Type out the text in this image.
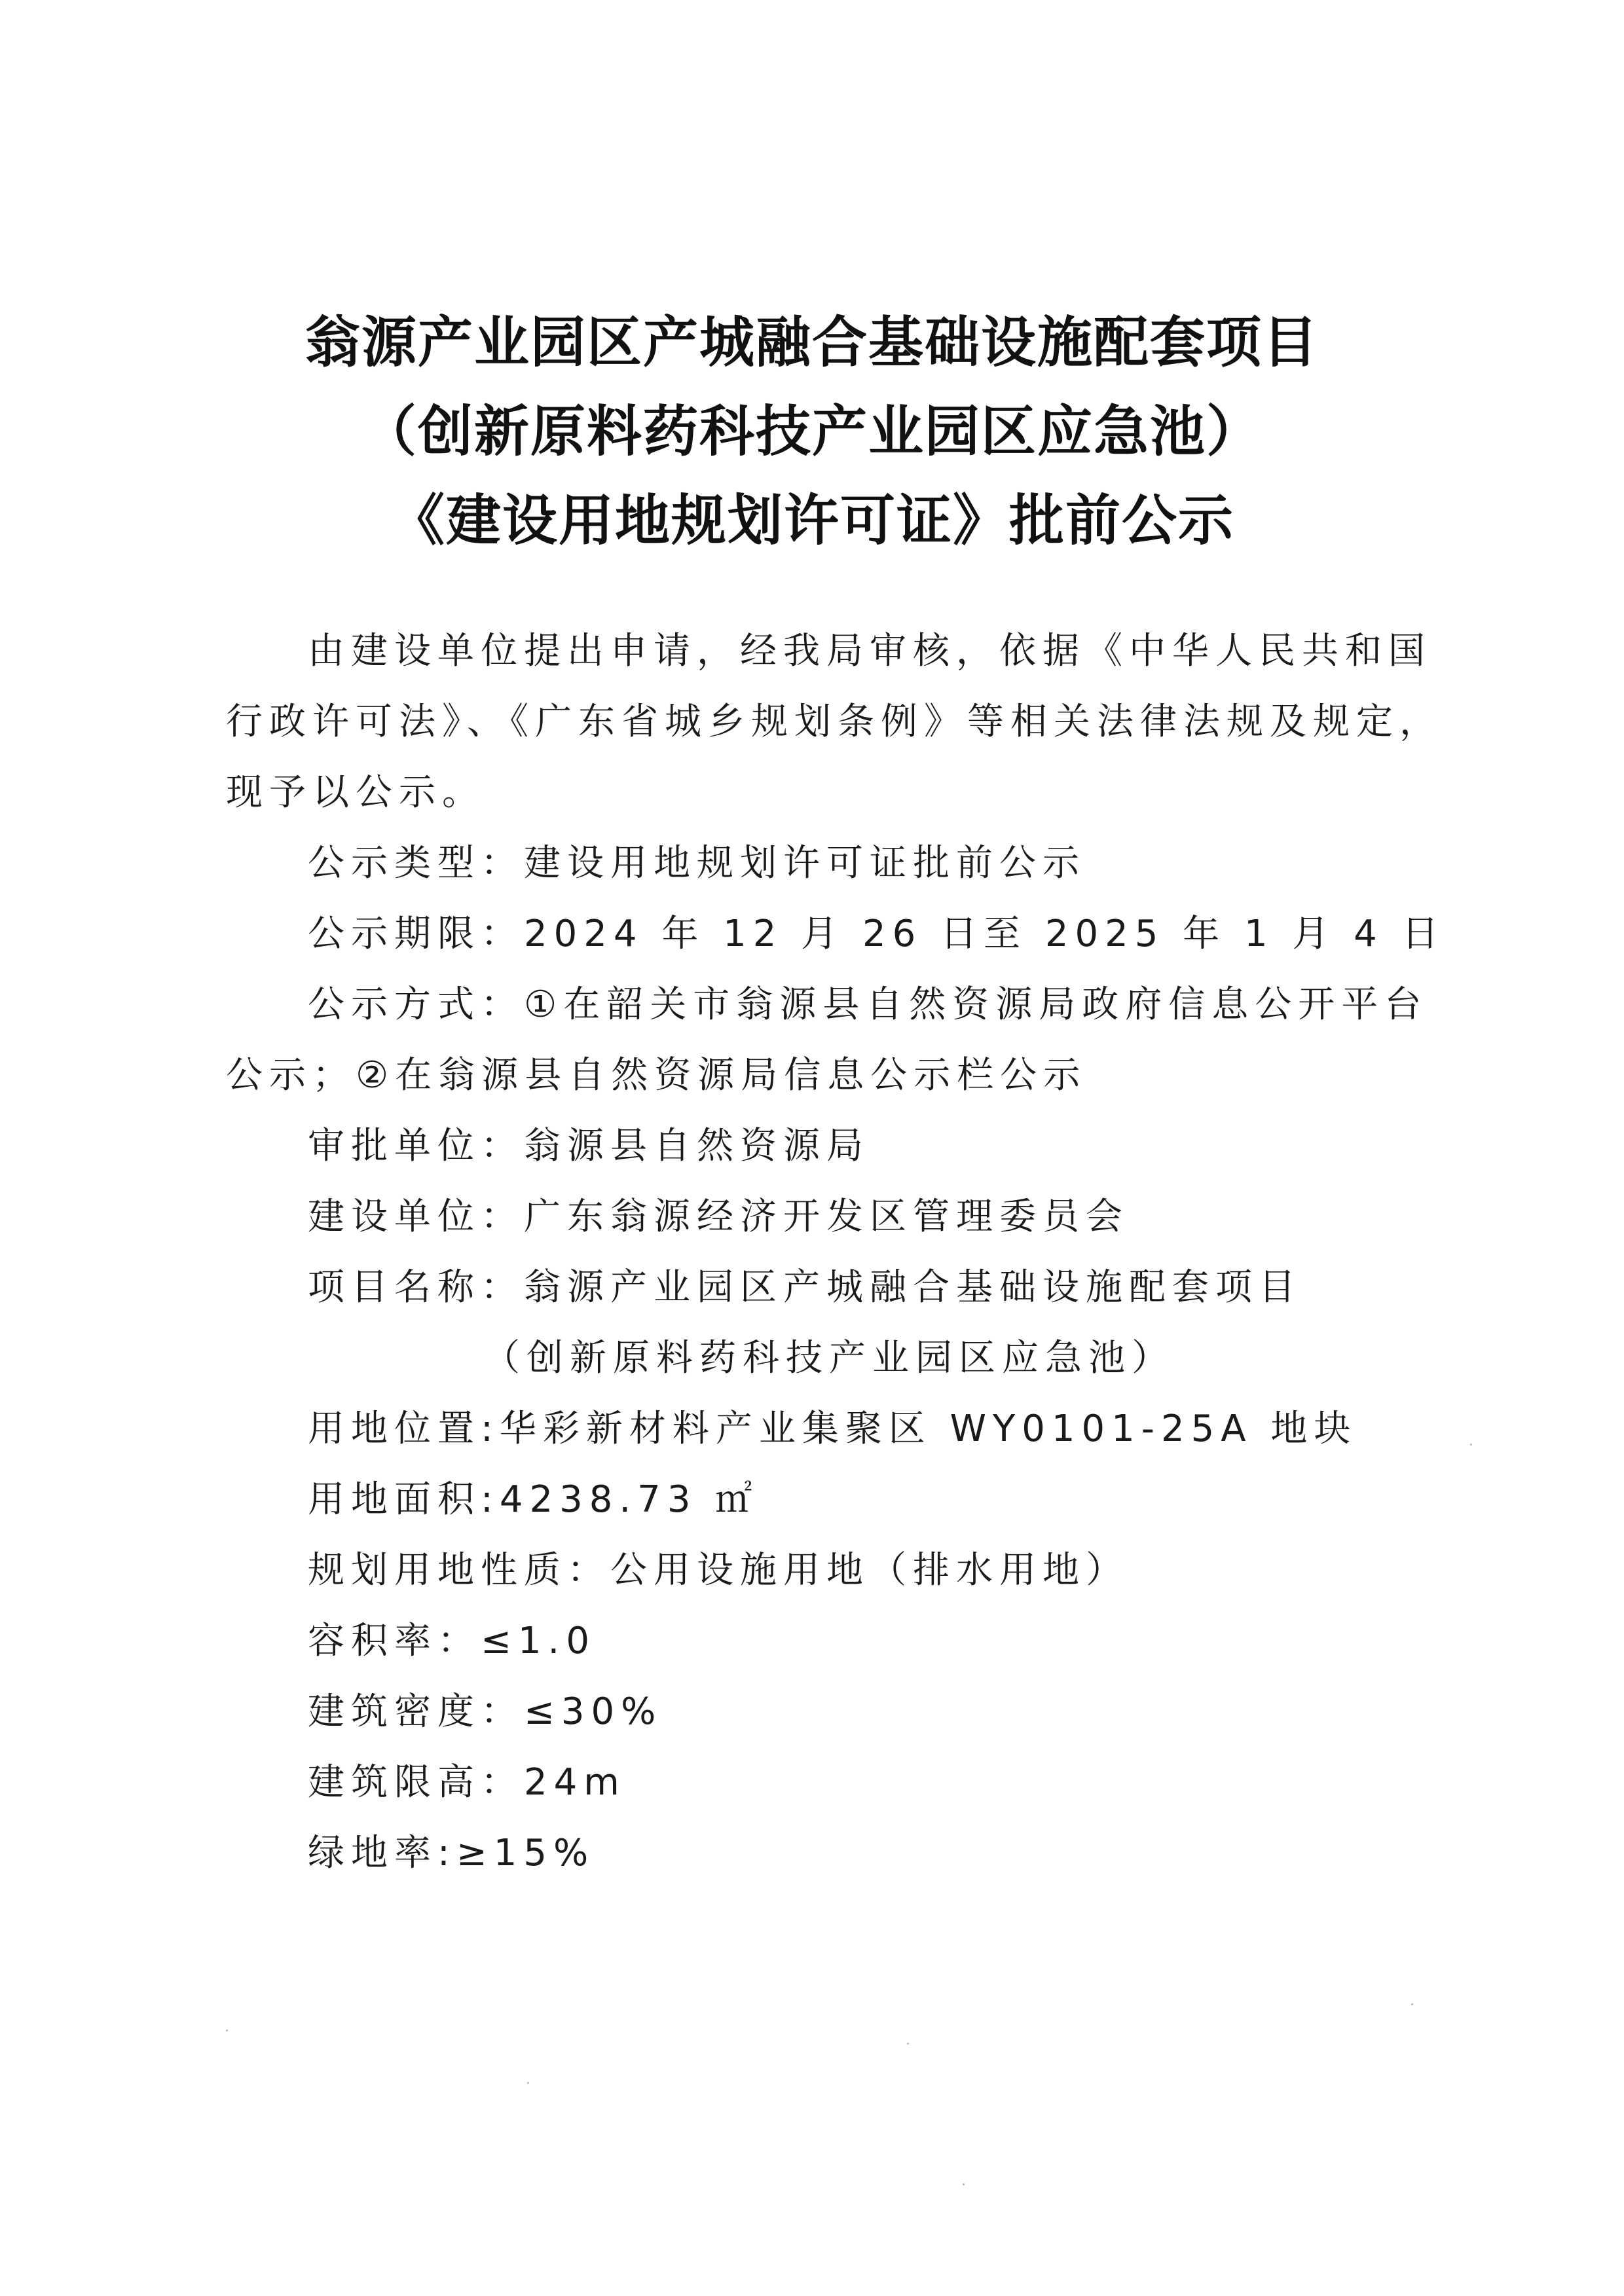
翁源产业园区产城融合基础设施配套项目
（创新原料药科技产业园区应急池）
《建设用地规划许可证》批前公示
由建设单位提出申请，经我局审核，依据《中华人民共和国
行政许可法》、《广东省城乡规划条例》等相关法律法规及规定，
现予以公示。
公示类型：建设用地规划许可证批前公示
公示期限：2024 年 12 月 26 日至 2025 年 1 月 4 日
公示方式：①在韶关市翁源县自然资源局政府信息公开平台
公示；②在翁源县自然资源局信息公示栏公示
审批单位：翁源县自然资源局
建设单位：广东翁源经济开发区管理委员会
项目名称：翁源产业园区产城融合基础设施配套项目
（创新原料药科技产业园区应急池）
用地位置:华彩新材料产业集聚区 WY0101-25A 地块
用地面积:4238.73 ㎡
规划用地性质：公用设施用地（排水用地）
容积率：≤1.0
建筑密度：≤30%
建筑限高：24m
绿地率:≥15%
